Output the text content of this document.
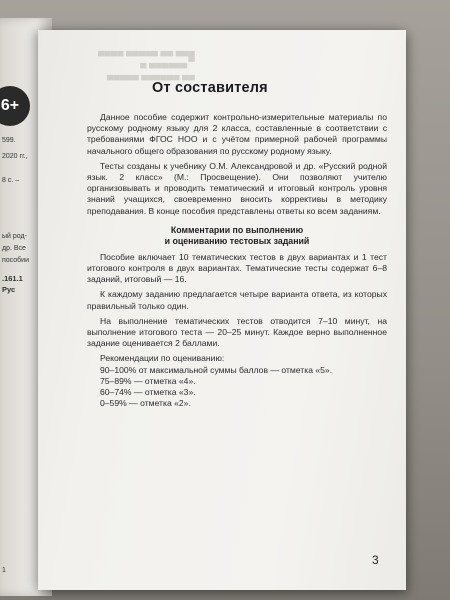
6+
599.
2020 гг.,
8 с. –
ый род-
др. Все
пособии
.161.1
Рус
1
█▀▀ ▀▀ ▀▀▀▀▀ ▀▀▀▀
▀▀▀▀▀▀ ▀
▀▀ ▀▀▀▀▀▀ ▀▀▀▀▀ От составителя

Данное пособие содержит контрольно-измерительные материалы по русскому родному языку для 2 класса, составленные в соответствии с требованиями ФГОС НОО и с учётом примерной рабочей программы начального общего образования по русскому родному языку.

Тесты созданы к учебнику О.М. Александровой и др. «Русский родной язык. 2 класс» (М.: Просвещение). Они позволяют учителю организовывать и проводить тематический и итоговый контроль уровня знаний учащихся, своевременно вносить коррективы в методику преподавания. В конце пособия представлены ответы ко всем заданиям.

Комментарии по выполнению
и оцениванию тестовых заданий

Пособие включает 10 тематических тестов в двух вариантах и 1 тест итогового контроля в двух вариантах. Тематические тесты содержат 6–8 заданий, итоговый — 16.

К каждому заданию предлагается четыре варианта ответа, из которых правильный только один.

На выполнение тематических тестов отводится 7–10 минут, на выполнение итогового теста — 20–25 минут. Каждое верно выполненное задание оценивается 2 баллами.

Рекомендации по оцениванию:

90–100% от максимальной суммы баллов — отметка «5».
75–89% — отметка «4».
60–74% — отметка «3».
0–59% — отметка «2».
3
